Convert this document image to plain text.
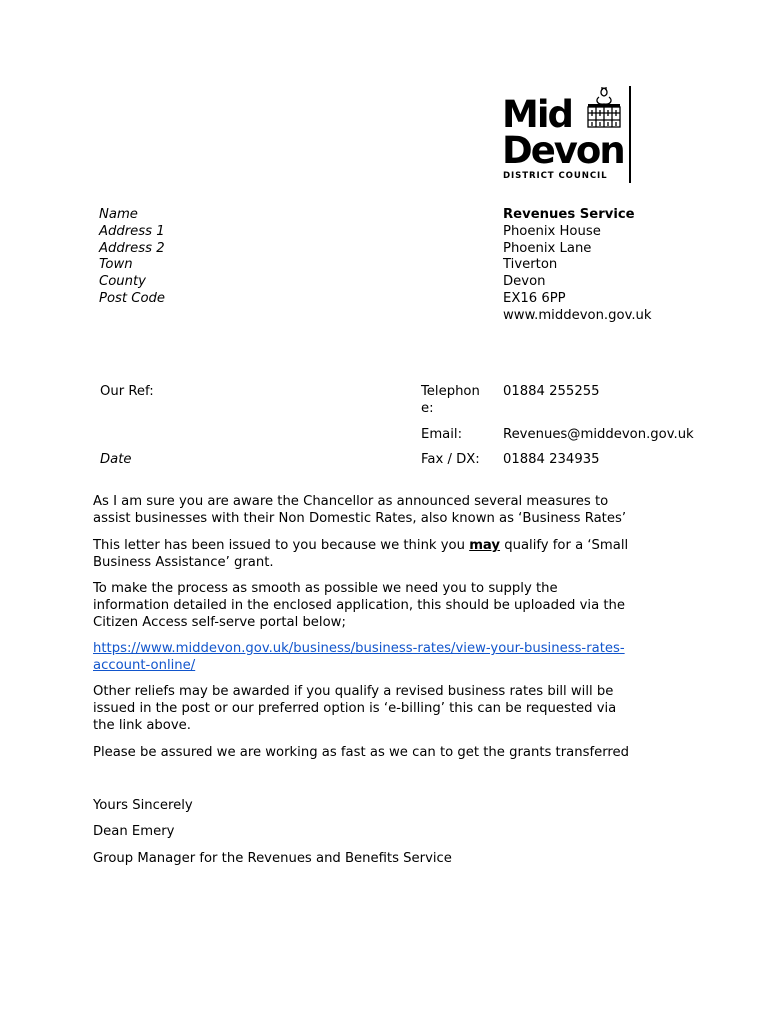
Mid
Devon
DISTRICT COUNCIL
Name
Address 1
Address 2
Town
County
Post Code
Revenues Service
Phoenix House
Phoenix Lane
Tiverton
Devon
EX16 6PP
www.middevon.gov.uk
Our Ref:
Date
Telephon
e:
01884 255255
Email:	Revenues@middevon.gov.uk
Fax / DX: 01884 234935

As I am sure you are aware the Chancellor as announced several measures to

assist businesses with their Non Domestic Rates, also known as ‘Business Rates’

This letter has been issued to you because we think you may qualify for a ‘Small

Business Assistance’ grant.

To make the process as smooth as possible we need you to supply the

information detailed in the enclosed application, this should be uploaded via the

Citizen Access self-serve portal below;

https://www.middevon.gov.uk/business/business-rates/view-your-business-rates-

account-online/

Other reliefs may be awarded if you qualify a revised business rates bill will be

issued in the post or our preferred option is ‘e-billing’ this can be requested via

the link above.

Please be assured we are working as fast as we can to get the grants transferred
Yours Sincerely
Dean Emery
Group Manager for the Revenues and Benefits Service
